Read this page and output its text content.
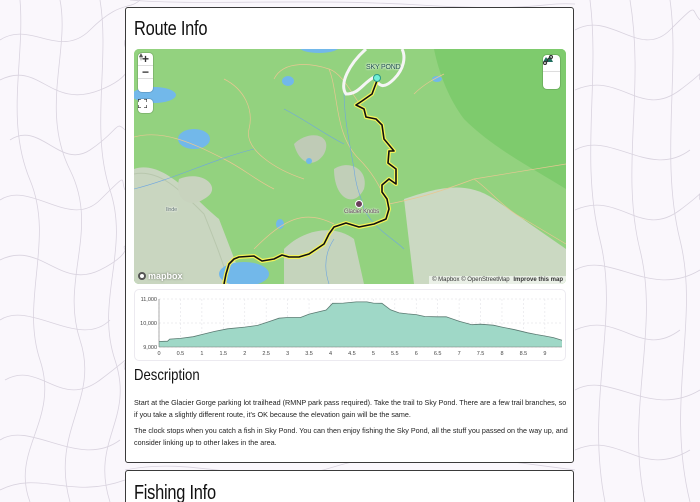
Route Info
SKY POND
Glacier Knobs
Ilnde
+
−
mapbox	© Mapbox © OpenStreetMap Improve this map
11,000
10,000
9,000
0	0.5	1	1.5	2	2.5	3	3.5	4	4.5	5	5.5	6	6.5	7	7.5	8	8.5	9
Description

Start at the Glacier Gorge parking lot trailhead (RMNP park pass required). Take the trail to Sky Pond. There are a few trail branches, so if you take a slightly different route, it's OK because the elevation gain will be the same.

The clock stops when you catch a fish in Sky Pond. You can then enjoy fishing the Sky Pond, all the stuff you passed on the way up, and consider linking up to other lakes in the area.

Fishing Info
